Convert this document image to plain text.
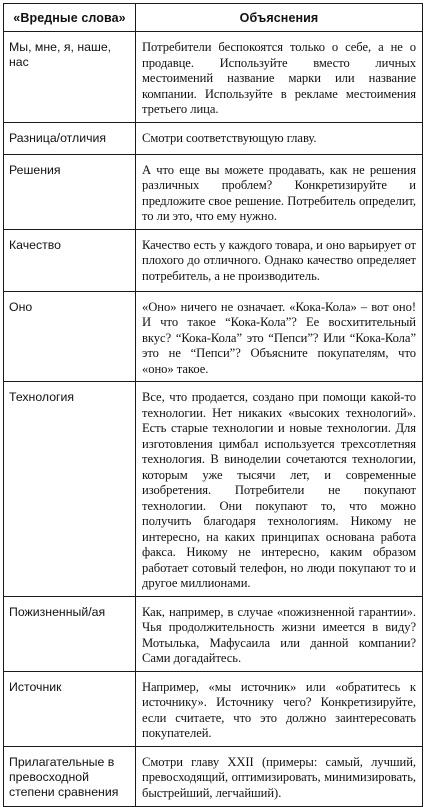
«Вредные слова»	Объяснения
Мы, мне, я, наше, нас	Потребители беспокоятся только о себе, а не о продавце. Используйте вместо личных местоимений название марки или название компании. Используйте в рекламе местоимения третьего лица.
Разница/отличия	Смотри соответствующую главу.
Решения	А что еще вы можете продавать, как не решения различных проблем? Конкретизируйте и предложите свое решение. Потребитель определит, то ли это, что ему нужно.
Качество	Качество есть у каждого товара, и оно варьирует от плохого до отличного. Однако качество определяет потребитель, а не производитель.
Оно	«Оно» ничего не означает. «Кока-Кола» – вот оно! И что такое “Кока-Кола”? Ее восхитительный вкус? “Кока-Кола” это “Пепси”? Или “Кока-Кола” это не “Пепси”? Объясните покупателям, что «оно» такое.
Технология	Все, что продается, создано при помощи какой-то технологии. Нет никаких «высоких технологий». Есть старые технологии и новые технологии. Для изготовления цимбал используется трехсотлетняя технология. В виноделии сочетаются технологии, которым уже тысячи лет, и современные изобретения. Потребители не покупают технологии. Они покупают то, что можно получить благодаря технологиям. Никому не интересно, на каких принципах основана работа факса. Никому не интересно, каким образом работает сотовый телефон, но люди покупают то и другое миллионами.
Пожизненный/ая	Как, например, в случае «пожизненной гарантии». Чья продолжительность жизни имеется в виду? Мотылька, Мафусаила или данной компании? Сами догадайтесь.
Источник	Например, «мы источник» или «обратитесь к источнику». Источнику чего? Конкретизируйте, если считаете, что это должно заинтересовать покупателей.
Прилагательные в превосходной степени сравнения	Смотри главу XXII (примеры: самый, лучший, превосходящий, оптимизировать, минимизировать, быстрейший, легчайший).
